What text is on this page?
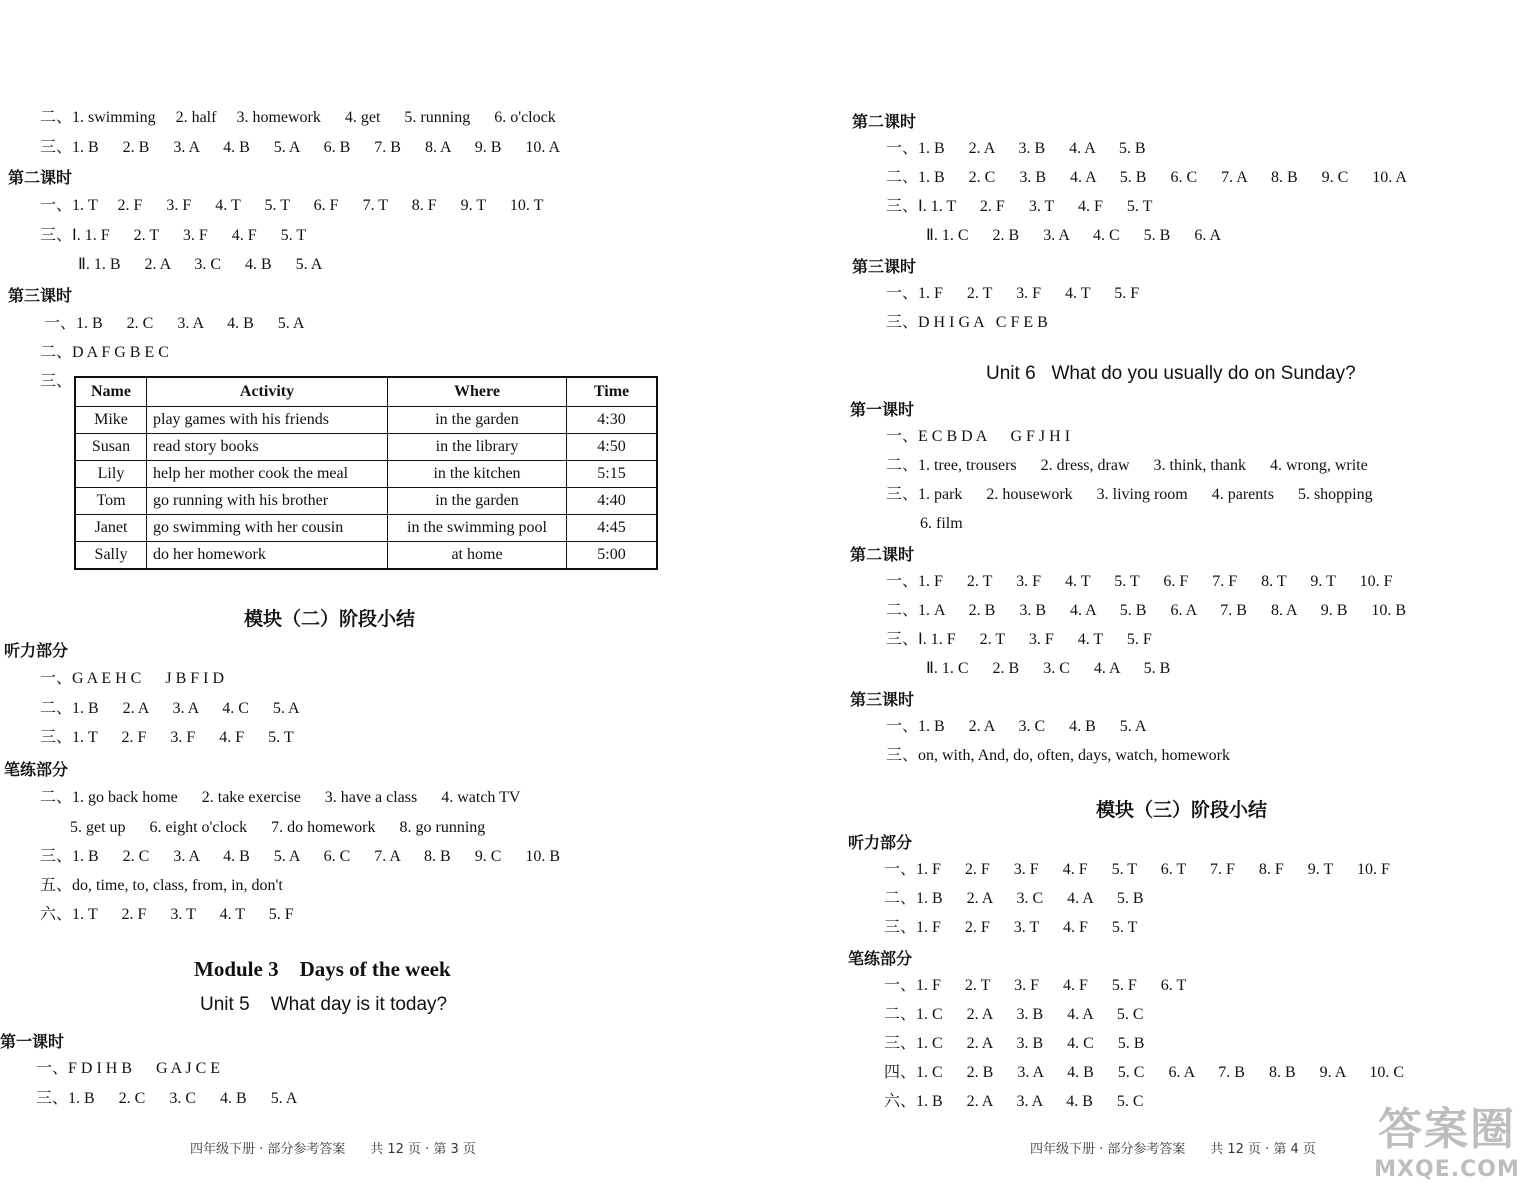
二、1. swimming     2. half     3. homework      4. get      5. running      6. o'clock
三、1. B      2. B      3. A      4. B      5. A      6. B      7. B      8. A      9. B      10. A
第二课时
一、1. T     2. F      3. F      4. T      5. T      6. F      7. T      8. F      9. T      10. T
三、Ⅰ. 1. F      2. T      3. F      4. F      5. T
Ⅱ. 1. B      2. A      3. C      4. B      5. A
第三课时
一、1. B      2. C      3. A      4. B      5. A
二、D A F G B E C
三、
Name	Activity	Where	Time
Mike	play games with his friends	in the garden	4:30
Susan	read story books	in the library	4:50
Lily	help her mother cook the meal	in the kitchen	5:15
Tom	go running with his brother	in the garden	4:40
Janet	go swimming with her cousin	in the swimming pool	4:45
Sally	do her homework	at home	5:00
模块（二）阶段小结
听力部分
一、G A E H C      J B F I D
二、1. B      2. A      3. A      4. C      5. A
三、1. T      2. F      3. F      4. F      5. T
笔练部分
二、1. go back home      2. take exercise      3. have a class      4. watch TV
5. get up      6. eight o'clock      7. do homework      8. go running
三、1. B      2. C      3. A      4. B      5. A      6. C      7. A      8. B      9. C      10. B
五、do, time, to, class, from, in, don't
六、1. T      2. F      3. T      4. T      5. F
Module 3    Days of the week
Unit 5    What day is it today?
第一课时
一、F D I H B      G A J C E
三、1. B      2. C      3. C      4. B      5. A
四年级下册 · 部分参考答案      共 12 页 · 第 3 页
第二课时
一、1. B      2. A      3. B      4. A      5. B
二、1. B      2. C      3. B      4. A      5. B      6. C      7. A      8. B      9. C      10. A
三、Ⅰ. 1. T      2. F      3. T      4. F      5. T
Ⅱ. 1. C      2. B      3. A      4. C      5. B      6. A
第三课时
一、1. F      2. T      3. F      4. T      5. F
三、D H I G A   C F E B
Unit 6   What do you usually do on Sunday?
第一课时
一、E C B D A      G F J H I
二、1. tree, trousers      2. dress, draw      3. think, thank      4. wrong, write
三、1. park      2. housework      3. living room      4. parents      5. shopping
6. film
第二课时
一、1. F      2. T      3. F      4. T      5. T      6. F      7. F      8. T      9. T      10. F
二、1. A      2. B      3. B      4. A      5. B      6. A      7. B      8. A      9. B      10. B
三、Ⅰ. 1. F      2. T      3. F      4. T      5. F
Ⅱ. 1. C      2. B      3. C      4. A      5. B
第三课时
一、1. B      2. A      3. C      4. B      5. A
三、on, with, And, do, often, days, watch, homework
模块（三）阶段小结
听力部分
一、1. F      2. F      3. F      4. F      5. T      6. T      7. F      8. F      9. T      10. F
二、1. B      2. A      3. C      4. A      5. B
三、1. F      2. F      3. T      4. F      5. T
笔练部分
一、1. F      2. T      3. F      4. F      5. F      6. T
二、1. C      2. A      3. B      4. A      5. C
三、1. C      2. A      3. B      4. C      5. B
四、1. C      2. B      3. A      4. B      5. C      6. A      7. B      8. B      9. A      10. C
六、1. B      2. A      3. A      4. B      5. C
四年级下册 · 部分参考答案      共 12 页 · 第 4 页 答案圈
MXQE.COM
